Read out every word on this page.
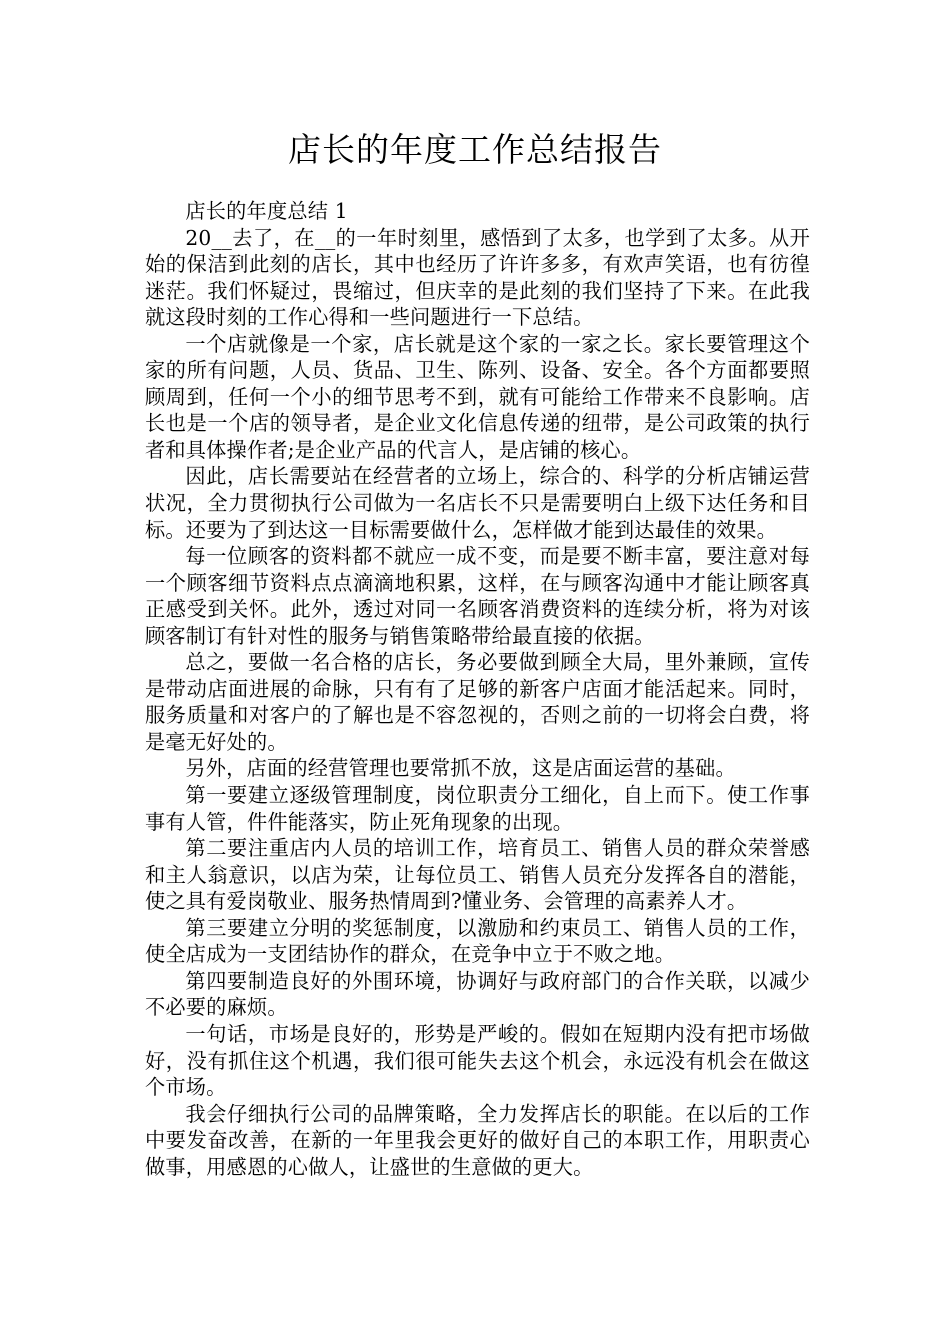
店长的年度工作总结报告

店长的年度总结 1

20__去了，在__的一年时刻里，感悟到了太多，也学到了太多。从开始的保洁到此刻的店长，其中也经历了许许多多，有欢声笑语，也有彷徨迷茫。我们怀疑过，畏缩过，但庆幸的是此刻的我们坚持了下来。在此我就这段时刻的工作心得和一些问题进行一下总结。

一个店就像是一个家，店长就是这个家的一家之长。家长要管理这个家的所有问题，人员、货品、卫生、陈列、设备、安全。各个方面都要照顾周到，任何一个小的细节思考不到，就有可能给工作带来不良影响。店长也是一个店的领导者，是企业文化信息传递的纽带，是公司政策的执行者和具体操作者;是企业产品的代言人，是店铺的核心。

因此，店长需要站在经营者的立场上，综合的、科学的分析店铺运营状况，全力贯彻执行公司做为一名店长不只是需要明白上级下达任务和目标。还要为了到达这一目标需要做什么，怎样做才能到达最佳的效果。

每一位顾客的资料都不就应一成不变，而是要不断丰富，要注意对每一个顾客细节资料点点滴滴地积累，这样，在与顾客沟通中才能让顾客真正感受到关怀。此外，透过对同一名顾客消费资料的连续分析，将为对该顾客制订有针对性的服务与销售策略带给最直接的依据。

总之，要做一名合格的店长，务必要做到顾全大局，里外兼顾，宣传是带动店面进展的命脉，只有有了足够的新客户店面才能活起来。同时，服务质量和对客户的了解也是不容忽视的，否则之前的一切将会白费，将是毫无好处的。

另外，店面的经营管理也要常抓不放，这是店面运营的基础。

第一要建立逐级管理制度，岗位职责分工细化，自上而下。使工作事事有人管，件件能落实，防止死角现象的出现。

第二要注重店内人员的培训工作，培育员工、销售人员的群众荣誉感和主人翁意识，以店为荣，让每位员工、销售人员充分发挥各自的潜能，使之具有爱岗敬业、服务热情周到?懂业务、会管理的高素养人才。

第三要建立分明的奖惩制度，以激励和约束员工、销售人员的工作，使全店成为一支团结协作的群众，在竞争中立于不败之地。

第四要制造良好的外围环境，协调好与政府部门的合作关联，以减少不必要的麻烦。

一句话，市场是良好的，形势是严峻的。假如在短期内没有把市场做好，没有抓住这个机遇，我们很可能失去这个机会，永远没有机会在做这个市场。

我会仔细执行公司的品牌策略，全力发挥店长的职能。在以后的工作中要发奋改善，在新的一年里我会更好的做好自己的本职工作，用职责心做事，用感恩的心做人，让盛世的生意做的更大。
